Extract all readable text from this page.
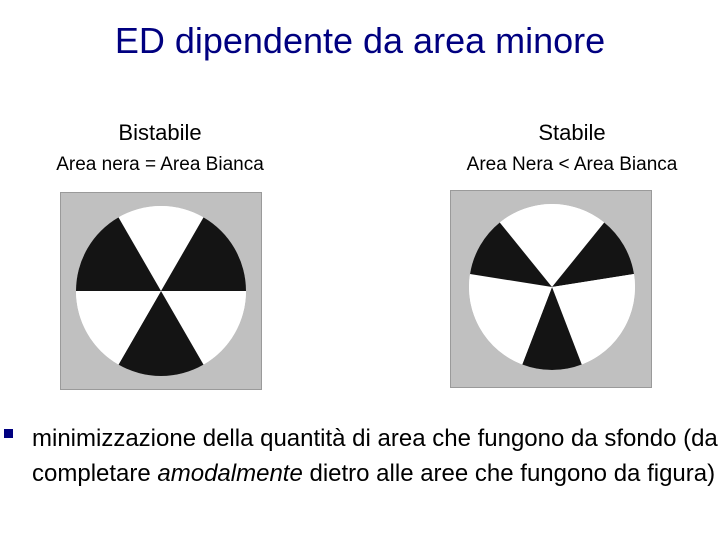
ED dipendente da area minore
Bistabile
Area nera = Area Bianca
Stabile
Area Nera < Area Bianca
minimizzazione della quantità di area che fungono da sfondo (da completare amodalmente dietro alle aree che fungono da figura)
